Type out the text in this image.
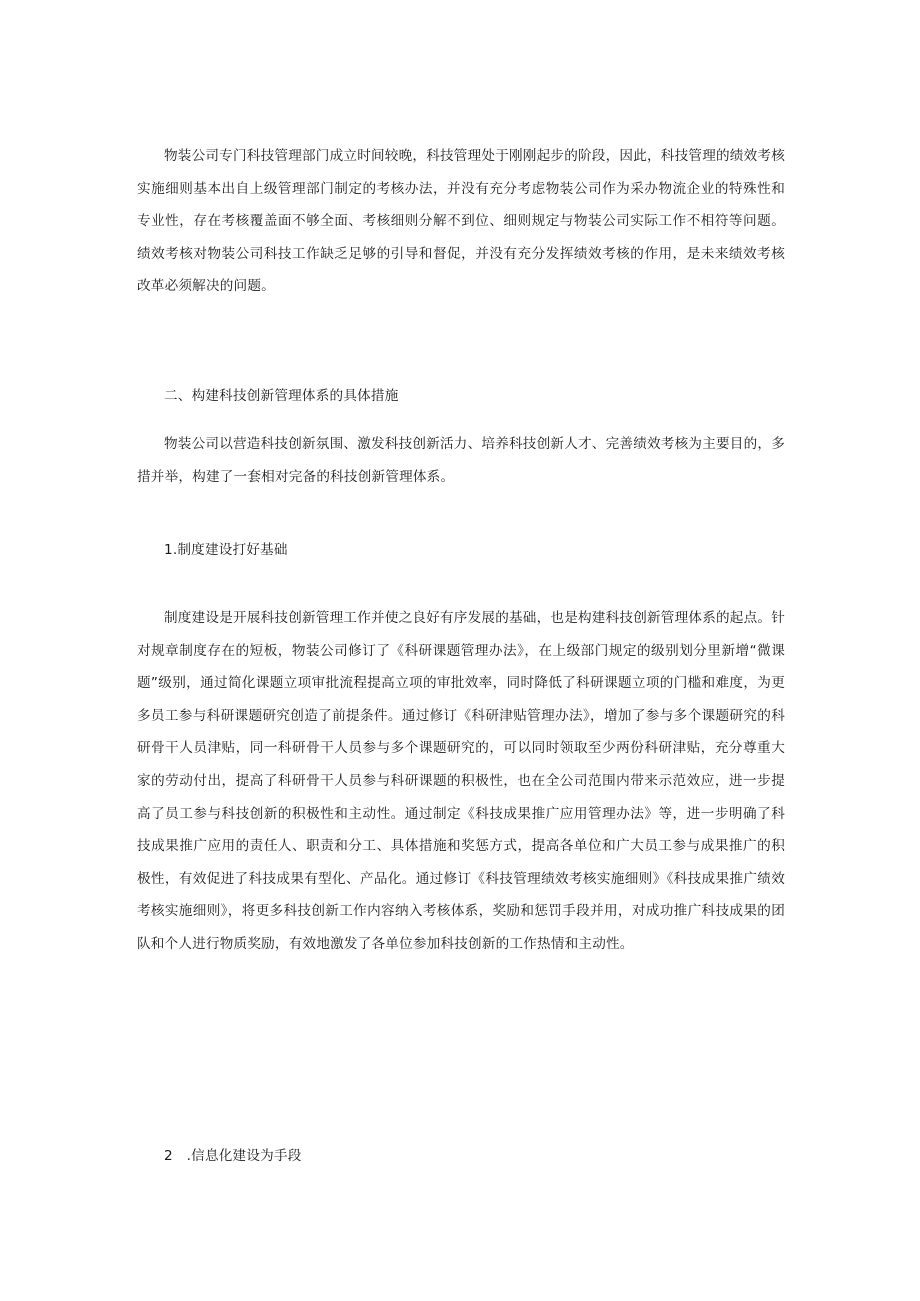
物装公司专门科技管理部门成立时间较晚，科技管理处于刚刚起步的阶段，因此，科技管理的绩效考核实施细则基本出自上级管理部门制定的考核办法，并没有充分考虑物装公司作为采办物流企业的特殊性和专业性，存在考核覆盖面不够全面、考核细则分解不到位、细则规定与物装公司实际工作不相符等问题。绩效考核对物装公司科技工作缺乏足够的引导和督促，并没有充分发挥绩效考核的作用，是未来绩效考核改革必须解决的问题。

二、构建科技创新管理体系的具体措施

物装公司以营造科技创新氛围、激发科技创新活力、培养科技创新人才、完善绩效考核为主要目的，多措并举，构建了一套相对完备的科技创新管理体系。

1.制度建设打好基础

制度建设是开展科技创新管理工作并使之良好有序发展的基础，也是构建科技创新管理体系的起点。针对规章制度存在的短板，物装公司修订了《科研课题管理办法》，在上级部门规定的级别划分里新增“微课题”级别，通过简化课题立项审批流程提高立项的审批效率，同时降低了科研课题立项的门槛和难度，为更多员工参与科研课题研究创造了前提条件。通过修订《科研津贴管理办法》，增加了参与多个课题研究的科研骨干人员津贴，同一科研骨干人员参与多个课题研究的，可以同时领取至少两份科研津贴，充分尊重大家的劳动付出，提高了科研骨干人员参与科研课题的积极性，也在全公司范围内带来示范效应，进一步提高了员工参与科技创新的积极性和主动性。通过制定《科技成果推广应用管理办法》等，进一步明确了科技成果推广应用的责任人、职责和分工、具体措施和奖惩方式，提高各单位和广大员工参与成果推广的积极性，有效促进了科技成果有型化、产品化。通过修订《科技管理绩效考核实施细则》《科技成果推广绩效考核实施细则》，将更多科技创新工作内容纳入考核体系，奖励和惩罚手段并用，对成功推广科技成果的团队和个人进行物质奖励，有效地激发了各单位参加科技创新的工作热情和主动性。

2　.信息化建设为手段
